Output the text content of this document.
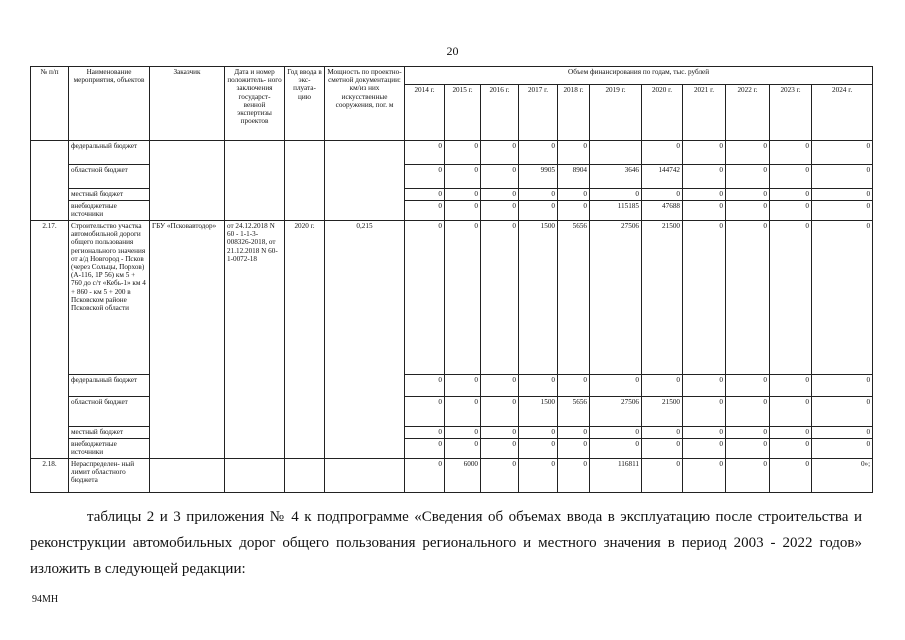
20
№ п/п	Наименование мероприятия, объектов	Заказчик	Дата и номер положитель- ного заключения государст- венной экспертизы проектов	Год ввода в экс- плуата- цию	Мощность по проектно- сметной документации: км/из них искусственные сооружения, пог. м	Объем финансирования по годам, тыс. рублей										
						2014 г.	2015 г.	2016 г.	2017 г.	2018 г.	2019 г.	2020 г.	2021 г.	2022 г.	2023 г.	2024 г.
	федеральный бюджет					0	0	0	0	0		0	0	0	0	0
	областной бюджет					0	0	0	9905	8904	3646	144742	0	0	0	0
	местный бюджет					0	0	0	0	0	0	0	0	0	0	0
	внебюджетные источники					0	0	0	0	0	115185	47688	0	0	0	0
2.17.	Строительство участка автомобильной дороги общего пользования регионального значения от а/д Новгород - Псков (через Сольцы, Порхов) (А-116, 1Р 56) км 5 + 760 до с/т «Кебь-1» км 4 + 860 - км 5 + 200 в Псковском районе Псковской области	ГБУ «Псковавтодор»	от 24.12.2018 N 60 - 1-1-3-008326-2018, от 21.12.2018 N 60-1-0072-18	2020 г.	0,215	0	0	0	1500	5656	27506	21500	0	0	0	0
	федеральный бюджет					0	0	0	0	0	0	0	0	0	0	0
	областной бюджет					0	0	0	1500	5656	27506	21500	0	0	0	0
	местный бюджет					0	0	0	0	0	0	0	0	0	0	0
	внебюджетные источники					0	0	0	0	0	0	0	0	0	0	0
2.18.	Нераспределен- ный лимит областного бюджета					0	6000	0	0	0	116811	0	0	0	0	0»;
таблицы 2 и 3 приложения № 4 к подпрограмме «Сведения об объемах ввода в эксплуатацию после строительства и реконструкции автомобильных дорог общего пользования регионального и местного значения в период 2003 - 2022 годов» изложить в следующей редакции:
94МН
